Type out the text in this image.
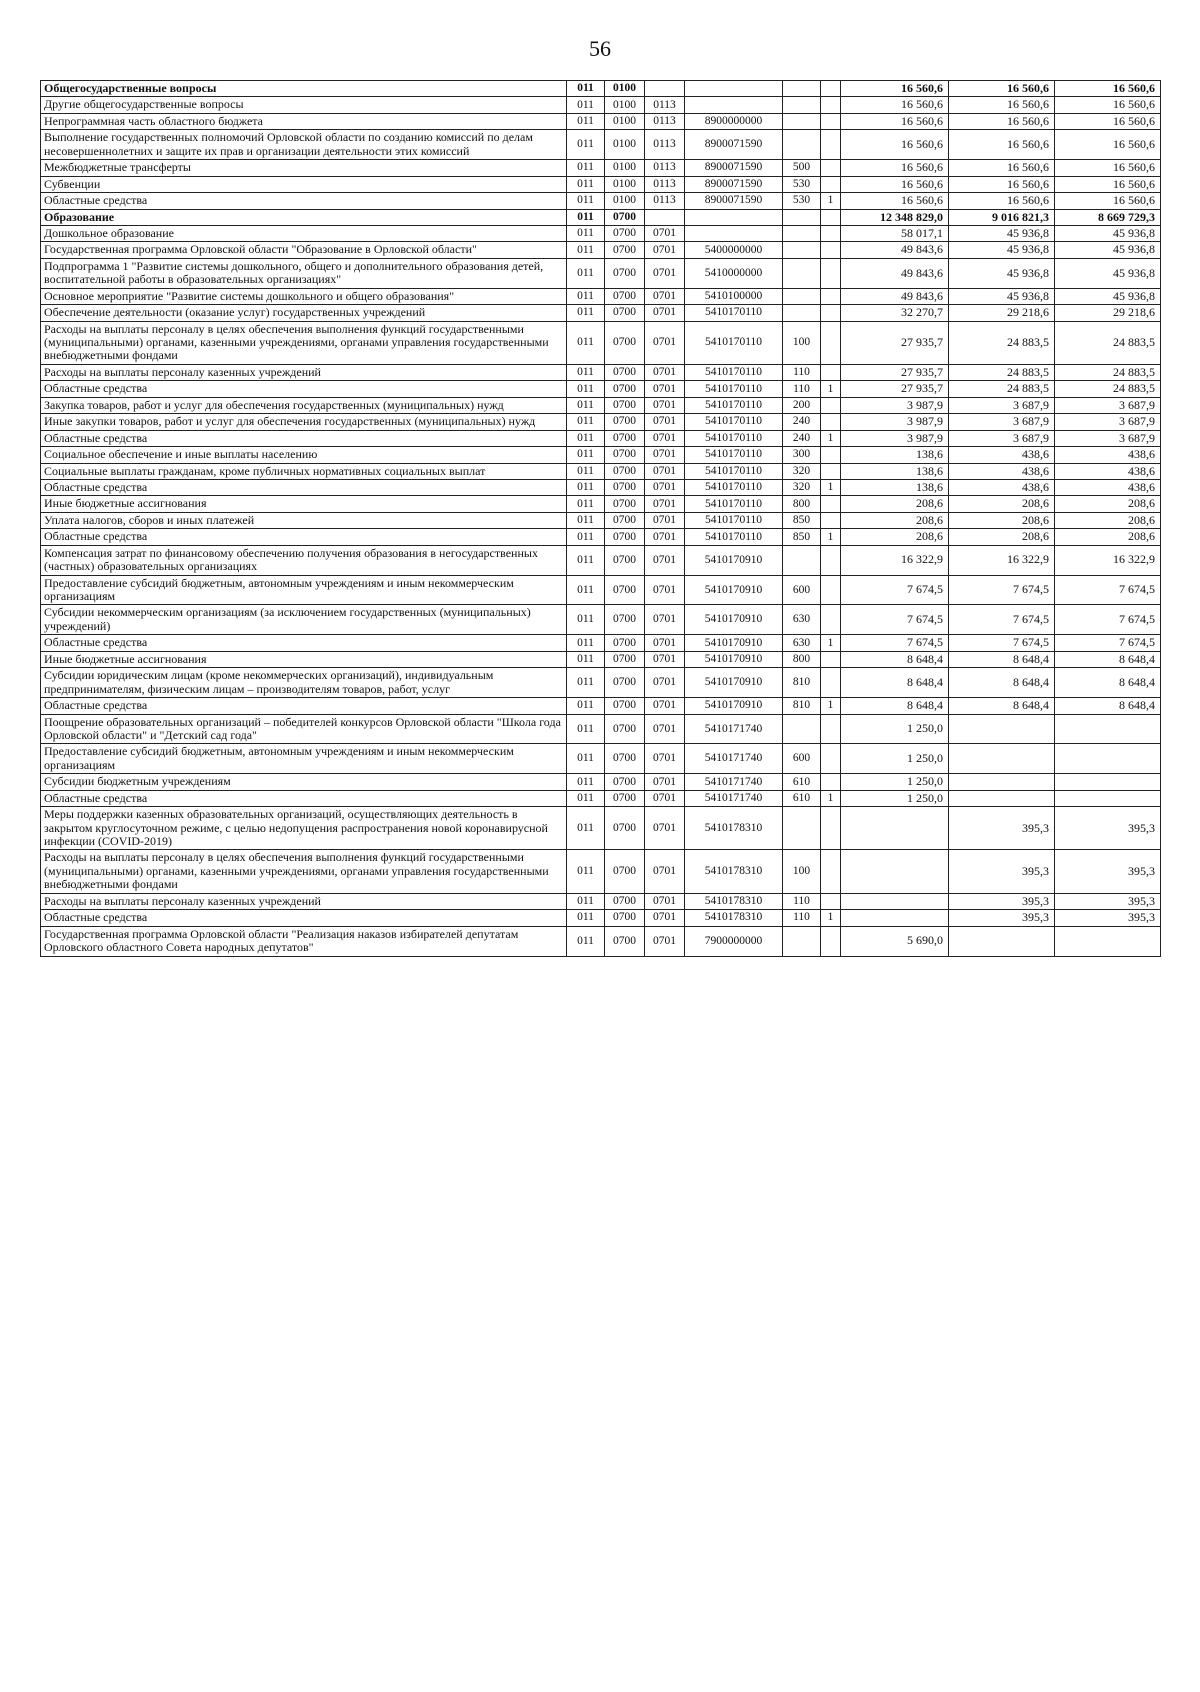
56
Общегосударственные вопросы	011	0100					16 560,6	16 560,6	16 560,6
Другие общегосударственные вопросы	011	0100	0113				16 560,6	16 560,6	16 560,6
Непрограммная часть областного бюджета	011	0100	0113	8900000000			16 560,6	16 560,6	16 560,6
Выполнение государственных полномочий Орловской области по созданию комиссий по делам несовершеннолетних и защите их прав и организации деятельности этих комиссий	011	0100	0113	8900071590			16 560,6	16 560,6	16 560,6
Межбюджетные трансферты	011	0100	0113	8900071590	500		16 560,6	16 560,6	16 560,6
Субвенции	011	0100	0113	8900071590	530		16 560,6	16 560,6	16 560,6
Областные средства	011	0100	0113	8900071590	530	1	16 560,6	16 560,6	16 560,6
Образование	011	0700					12 348 829,0	9 016 821,3	8 669 729,3
Дошкольное образование	011	0700	0701				58 017,1	45 936,8	45 936,8
Государственная программа Орловской области "Образование в Орловской области"	011	0700	0701	5400000000			49 843,6	45 936,8	45 936,8
Подпрограмма 1 "Развитие системы дошкольного, общего и дополнительного образования детей, воспитательной работы в образовательных организациях"	011	0700	0701	5410000000			49 843,6	45 936,8	45 936,8
Основное мероприятие "Развитие системы дошкольного и общего образования"	011	0700	0701	5410100000			49 843,6	45 936,8	45 936,8
Обеспечение деятельности (оказание услуг) государственных учреждений	011	0700	0701	5410170110			32 270,7	29 218,6	29 218,6
Расходы на выплаты персоналу в целях обеспечения выполнения функций государственными (муниципальными) органами, казенными учреждениями, органами управления государственными внебюджетными фондами	011	0700	0701	5410170110	100		27 935,7	24 883,5	24 883,5
Расходы на выплаты персоналу казенных учреждений	011	0700	0701	5410170110	110		27 935,7	24 883,5	24 883,5
Областные средства	011	0700	0701	5410170110	110	1	27 935,7	24 883,5	24 883,5
Закупка товаров, работ и услуг для обеспечения государственных (муниципальных) нужд	011	0700	0701	5410170110	200		3 987,9	3 687,9	3 687,9
Иные закупки товаров, работ и услуг для обеспечения государственных (муниципальных) нужд	011	0700	0701	5410170110	240		3 987,9	3 687,9	3 687,9
Областные средства	011	0700	0701	5410170110	240	1	3 987,9	3 687,9	3 687,9
Социальное обеспечение и иные выплаты населению	011	0700	0701	5410170110	300		138,6	438,6	438,6
Социальные выплаты гражданам, кроме публичных нормативных социальных выплат	011	0700	0701	5410170110	320		138,6	438,6	438,6
Областные средства	011	0700	0701	5410170110	320	1	138,6	438,6	438,6
Иные бюджетные ассигнования	011	0700	0701	5410170110	800		208,6	208,6	208,6
Уплата налогов, сборов и иных платежей	011	0700	0701	5410170110	850		208,6	208,6	208,6
Областные средства	011	0700	0701	5410170110	850	1	208,6	208,6	208,6
Компенсация затрат по финансовому обеспечению получения образования в негосударственных (частных) образовательных организациях	011	0700	0701	5410170910			16 322,9	16 322,9	16 322,9
Предоставление субсидий бюджетным, автономным учреждениям и иным некоммерческим организациям	011	0700	0701	5410170910	600		7 674,5	7 674,5	7 674,5
Субсидии некоммерческим организациям (за исключением государственных (муниципальных) учреждений)	011	0700	0701	5410170910	630		7 674,5	7 674,5	7 674,5
Областные средства	011	0700	0701	5410170910	630	1	7 674,5	7 674,5	7 674,5
Иные бюджетные ассигнования	011	0700	0701	5410170910	800		8 648,4	8 648,4	8 648,4
Субсидии юридическим лицам (кроме некоммерческих организаций), индивидуальным предпринимателям, физическим лицам – производителям товаров, работ, услуг	011	0700	0701	5410170910	810		8 648,4	8 648,4	8 648,4
Областные средства	011	0700	0701	5410170910	810	1	8 648,4	8 648,4	8 648,4
Поощрение образовательных организаций – победителей конкурсов Орловской области "Школа года Орловской области" и "Детский сад года"	011	0700	0701	5410171740			1 250,0		
Предоставление субсидий бюджетным, автономным учреждениям и иным некоммерческим организациям	011	0700	0701	5410171740	600		1 250,0		
Субсидии бюджетным учреждениям	011	0700	0701	5410171740	610		1 250,0		
Областные средства	011	0700	0701	5410171740	610	1	1 250,0		
Меры поддержки казенных образовательных организаций, осуществляющих деятельность в закрытом круглосуточном режиме, с целью недопущения распространения новой коронавирусной инфекции (COVID-2019)	011	0700	0701	5410178310				395,3	395,3
Расходы на выплаты персоналу в целях обеспечения выполнения функций государственными (муниципальными) органами, казенными учреждениями, органами управления государственными внебюджетными фондами	011	0700	0701	5410178310	100			395,3	395,3
Расходы на выплаты персоналу казенных учреждений	011	0700	0701	5410178310	110			395,3	395,3
Областные средства	011	0700	0701	5410178310	110	1		395,3	395,3
Государственная программа Орловской области "Реализация наказов избирателей депутатам Орловского областного Совета народных депутатов"	011	0700	0701	7900000000			5 690,0		
